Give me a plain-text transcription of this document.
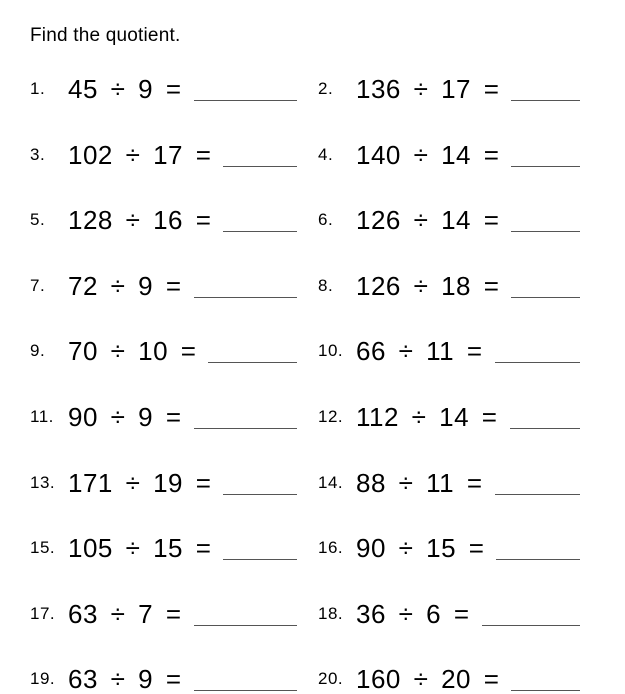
Find the quotient.
1. 45 ÷ 9 =	2. 136 ÷ 17 =
3. 102 ÷ 17 =	4. 140 ÷ 14 =
5. 128 ÷ 16 =	6. 126 ÷ 14 =
7. 72 ÷ 9 =	8. 126 ÷ 18 =
9. 70 ÷ 10 =	10. 66 ÷ 11 =
11. 90 ÷ 9 =	12. 112 ÷ 14 =
13. 171 ÷ 19 =	14. 88 ÷ 11 =
15. 105 ÷ 15 =	16. 90 ÷ 15 =
17. 63 ÷ 7 =	18. 36 ÷ 6 =
19. 63 ÷ 9 =	20. 160 ÷ 20 =
